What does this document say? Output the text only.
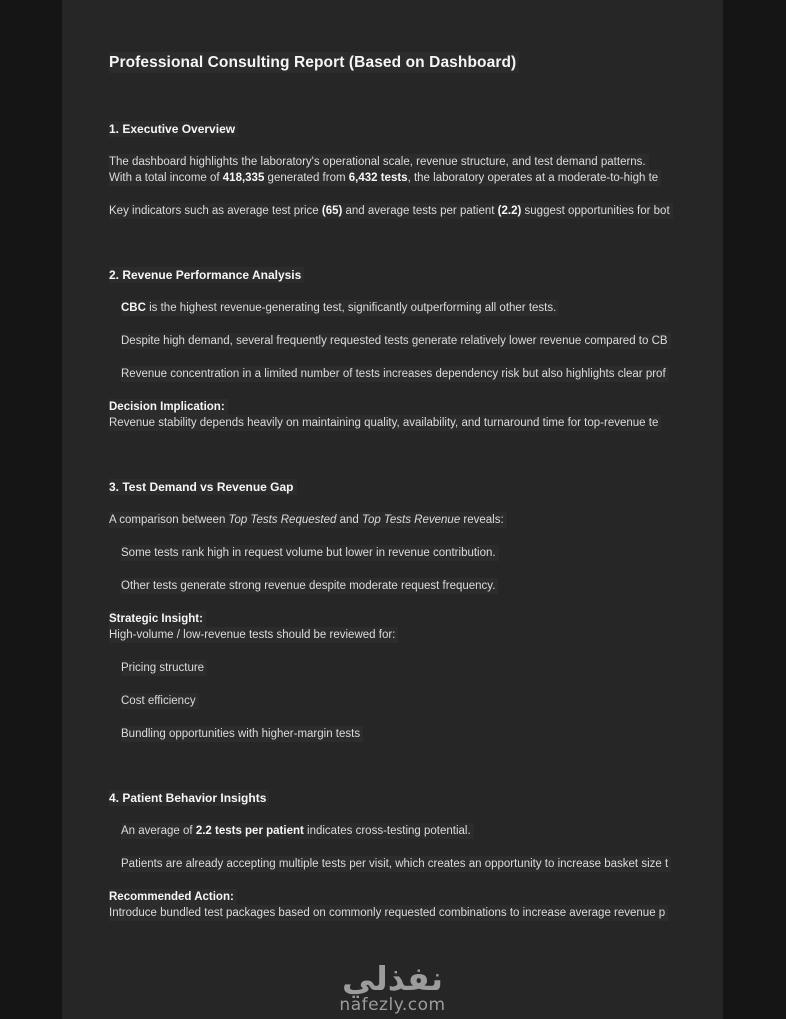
Professional Consulting Report (Based on Dashboard)
1. Executive Overview
The dashboard highlights the laboratory's operational scale, revenue structure, and test demand patterns.
With a total income of 418,335 generated from 6,432 tests, the laboratory operates at a moderate-to-high te
Key indicators such as average test price (65) and average tests per patient (2.2) suggest opportunities for bot
2. Revenue Performance Analysis
CBC is the highest revenue-generating test, significantly outperforming all other tests.
Despite high demand, several frequently requested tests generate relatively lower revenue compared to CB
Revenue concentration in a limited number of tests increases dependency risk but also highlights clear prof
Decision Implication:
Revenue stability depends heavily on maintaining quality, availability, and turnaround time for top-revenue te
3. Test Demand vs Revenue Gap
A comparison between Top Tests Requested and Top Tests Revenue reveals:
Some tests rank high in request volume but lower in revenue contribution.
Other tests generate strong revenue despite moderate request frequency.
Strategic Insight:
High-volume / low-revenue tests should be reviewed for:
Pricing structure
Cost efficiency
Bundling opportunities with higher-margin tests
4. Patient Behavior Insights
An average of 2.2 tests per patient indicates cross-testing potential.
Patients are already accepting multiple tests per visit, which creates an opportunity to increase basket size t
Recommended Action:
Introduce bundled test packages based on commonly requested combinations to increase average revenue p
نفذلي
nafezly.com
